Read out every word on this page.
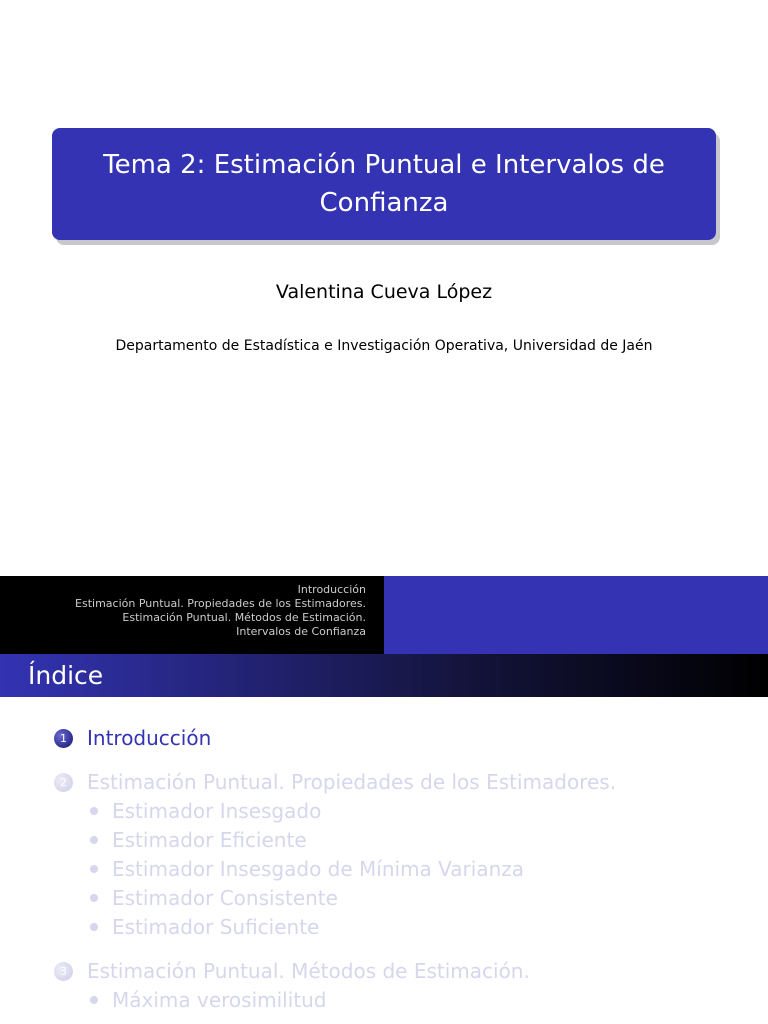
Tema 2: Estimación Puntual e Intervalos de Confianza

Valentina Cueva López

Departamento de Estadística e Investigación Operativa, Universidad de Jaén

Introducción
Estimación Puntual. Propiedades de los Estimadores.
Estimación Puntual. Métodos de Estimación.
Intervalos de Confianza
Índice
1	Introducción
2	Estimación Puntual. Propiedades de los Estimadores.
Estimador Insesgado
Estimador Eficiente
Estimador Insesgado de Mínima Varianza
Estimador Consistente
Estimador Suficiente
3	Estimación Puntual. Métodos de Estimación.
Máxima verosimilitud
